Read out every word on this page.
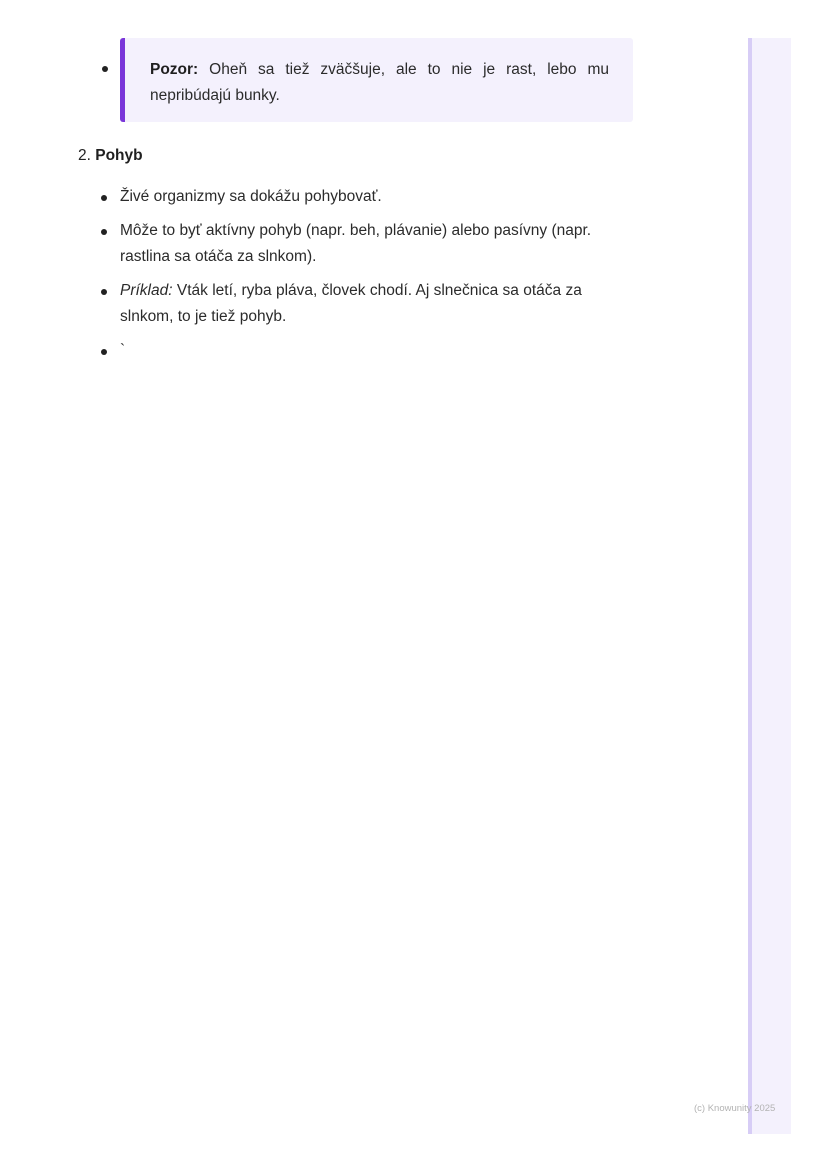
Pozor: Oheň sa tiež zväčšuje, ale to nie je rast, lebo mu nepribúdajú bunky.
2. Pohyb
Živé organizmy sa dokážu pohybovať.
Môže to byť aktívny pohyb (napr. beh, plávanie) alebo pasívny (napr. rastlina sa otáča za slnkom).
Príklad: Vták letí, ryba pláva, človek chodí. Aj slnečnica sa otáča za slnkom, to je tiež pohyb.
`
(c) Knowunity 2025
